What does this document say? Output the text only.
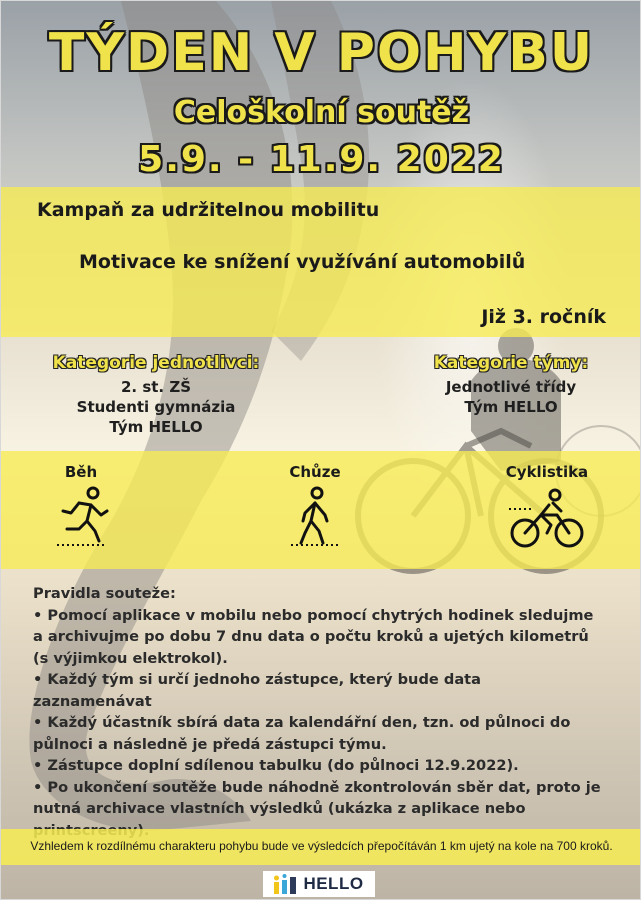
TÝDEN V POHYBU
Celoškolní soutěž
5.9. - 11.9. 2022
Kampaň za udržitelnou mobilitu
Motivace ke snížení využívání automobilů
Již 3. ročník
Kategorie jednotlivci:
2. st. ZŠ
Studenti gymnázia
Tým HELLO
Kategorie týmy:
Jednotlivé třídy
Tým HELLO
Běh	Chůze	Cyklistika
Pravidla souteže:
• Pomocí aplikace v mobilu nebo pomocí chytrých hodinek sledujme a archivujme po dobu 7 dnu data o počtu kroků a ujetých kilometrů (s výjimkou elektrokol).
• Každý tým si určí jednoho zástupce, který bude data zaznamenávat
• Každý účastník sbírá data za kalendářní den, tzn. od půlnoci do půlnoci a následně je předá zástupci týmu.
• Zástupce doplní sdílenou tabulku (do půlnoci 12.9.2022).
• Po ukončení soutěže bude náhodně zkontrolován sběr dat, proto je nutná archivace vlastních výsledků (ukázka z aplikace nebo
Vzhledem k rozdílnému charakteru pohybu bude ve výsledcích přepočítáván 1 km ujetý na kole na 700 kroků.
HELLO
